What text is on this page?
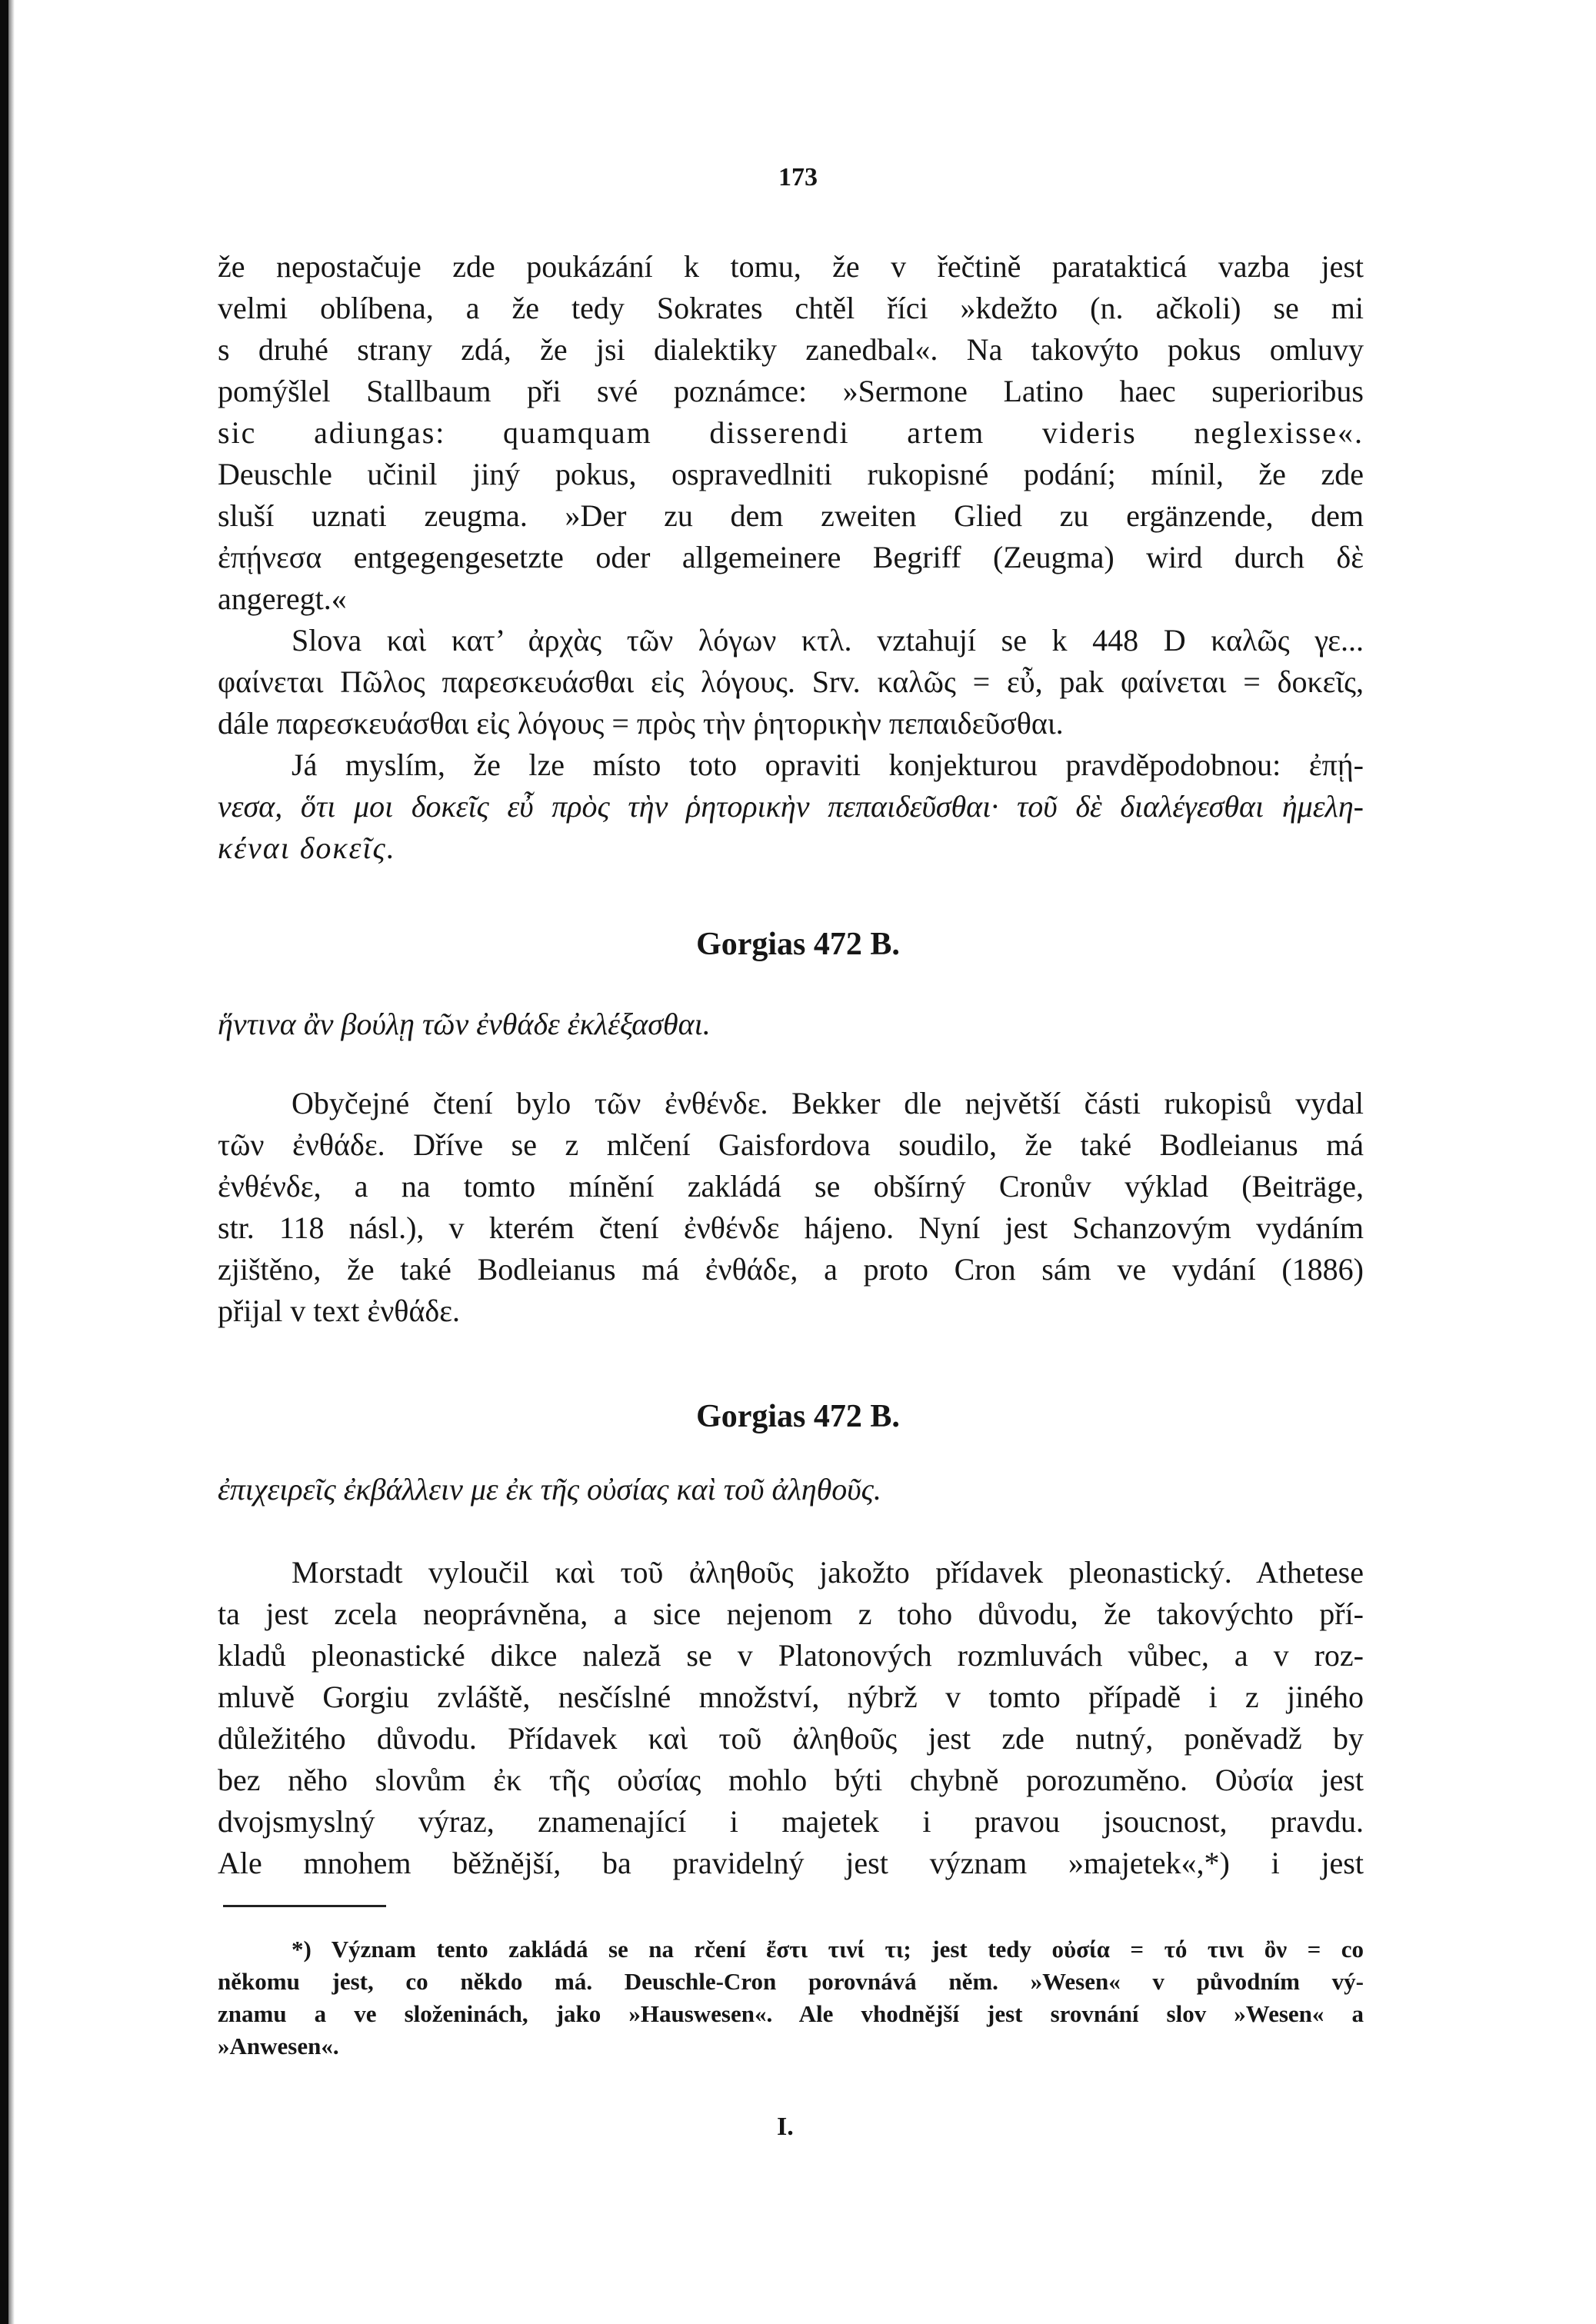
173
že nepostačuje zde poukázání k tomu, že v řečtině paratakticá vazba jest
velmi oblíbena, a že tedy Sokrates chtěl říci »kdežto (n. ačkoli) se mi
s druhé strany zdá, že jsi dialektiky zanedbal«. Na takovýto pokus omluvy
pomýšlel Stallbaum při své poznámce: »Sermone Latino haec superioribus
sic adiungas: quamquam disserendi artem videris neglexisse«.
Deuschle učinil jiný pokus, ospravedlniti rukopisné podání; mínil, že zde
sluší uznati zeugma. »Der zu dem zweiten Glied zu ergänzende, dem
ἐπῄνεσα entgegengesetzte oder allgemeinere Begriff (Zeugma) wird durch δὲ
angeregt.«
Slova καὶ κατ’ ἀρχὰς τῶν λόγων κτλ. vztahují se k 448 D καλῶς γε...
φαίνεται Πῶλος παρεσκευάσθαι εἰς λόγους. Srv. καλῶς = εὖ, pak φαίνεται = δοκεῖς,
dále παρεσκευάσθαι εἰς λόγους = πρὸς τὴν ῥητορικὴν πεπαιδεῦσθαι.
Já myslím, že lze místo toto opraviti konjekturou pravděpodobnou: ἐπῄ-
νεσα, ὅτι μοι δοκεῖς εὖ πρὸς τὴν ῥητορικὴν πεπαιδεῦσθαι· τοῦ δὲ διαλέγεσθαι ἠμελη-
κέναι δοκεῖς.
Gorgias 472 B.
ἥντινα ἂν βούλῃ τῶν ἐνθάδε ἐκλέξασθαι.
Obyčejné čtení bylo τῶν ἐνθένδε. Bekker dle největší části rukopisů vydal
τῶν ἐνθάδε. Dříve se z mlčení Gaisfordova soudilo, že také Bodleianus má
ἐνθένδε, a na tomto mínění zakládá se obšírný Cronův výklad (Beiträge,
str. 118 násl.), v kterém čtení ἐνθένδε hájeno. Nyní jest Schanzovým vydáním
zjištěno, že také Bodleianus má ἐνθάδε, a proto Cron sám ve vydání (1886)
přijal v text ἐνθάδε.
Gorgias 472 B.
ἐπιχειρεῖς ἐκβάλλειν με ἐκ τῆς οὐσίας καὶ τοῦ ἀληθοῦς.
Morstadt vyloučil καὶ τοῦ ἀληθοῦς jakožto přídavek pleonastický. Athetese
ta jest zcela neoprávněna, a sice nejenom z toho důvodu, že takovýchto pří-
kladů pleonastické dikce naleză se v Platonových rozmluvách vůbec, a v roz-
mluvě Gorgiu zvláště, nesčíslné množství, nýbrž v tomto případě i z jiného
důležitého důvodu. Přídavek καὶ τοῦ ἀληθοῦς jest zde nutný, poněvadž by
bez něho slovům ἐκ τῆς οὐσίας mohlo býti chybně porozuměno. Οὐσία jest
dvojsmyslný výraz, znamenající i majetek i pravou jsoucnost, pravdu.
Ale mnohem běžnější, ba pravidelný jest význam »majetek«,*) i jest
*) Význam tento zakládá se na rčení ἔστι τινί τι; jest tedy οὐσία = τό τινι ὂν = co
někomu jest, co někdo má. Deuschle-Cron porovnává něm. »Wesen« v původním vý-
znamu a ve složeninách, jako »Hauswesen«. Ale vhodnější jest srovnání slov »Wesen« a
»Anwesen«.
I.
